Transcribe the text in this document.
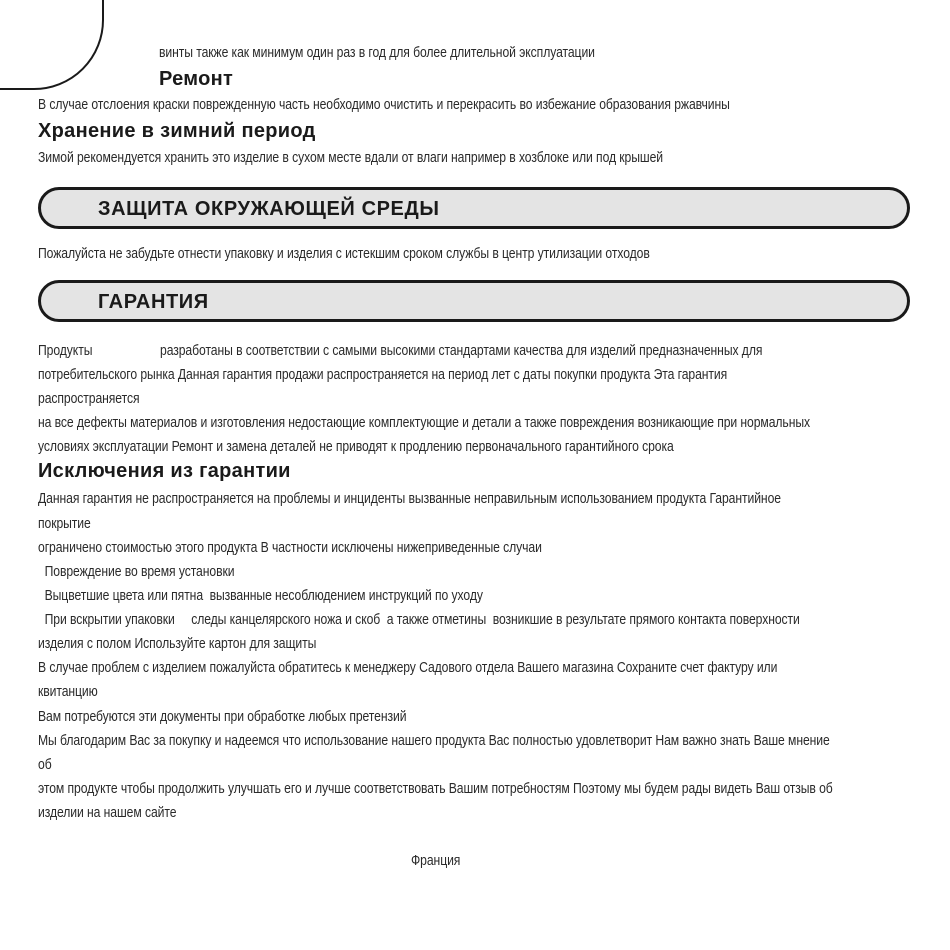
винты также как минимум один раз в год для более длительной эксплуатации
Ремонт
В случае отслоения краски поврежденную часть необходимо очистить и перекрасить во избежание образования ржавчины
Хранение в зимний период
Зимой рекомендуется хранить это изделие в сухом месте вдали от влаги например в хозблоке или под крышей
ЗАЩИТА ОКРУЖАЮЩЕЙ СРЕДЫ
Пожалуйста не забудьте отнести упаковку и изделия с истекшим сроком службы в центр утилизации отходов
ГАРАНТИЯ
Продукты	разработаны в соответствии с самыми высокими стандартами качества для изделий предназначенных для
потребительского рынка Данная гарантия продажи распространяется на период лет с даты покупки продукта Эта гарантия
распространяется
на все дефекты материалов и изготовления недостающие комплектующие и детали а также повреждения возникающие при нормальных
условиях эксплуатации Ремонт и замена деталей не приводят к продлению первоначального гарантийного срока
Исключения из гарантии
Данная гарантия не распространяется на проблемы и инциденты вызванные неправильным использованием продукта Гарантийное
покрытие
ограничено стоимостью этого продукта В частности исключены нижеприведенные случаи
Повреждение во время установки
Выцветшие цвета или пятна  вызванные несоблюдением инструкций по уходу
При вскрытии упаковки     следы канцелярского ножа и скоб  а также отметины  возникшие в результате прямого контакта поверхности
изделия с полом Используйте картон для защиты
В случае проблем с изделием пожалуйста обратитесь к менеджеру Садового отдела Вашего магазина Сохраните счет фактуру или
квитанцию
Вам потребуются эти документы при обработке любых претензий
Мы благодарим Вас за покупку и надеемся что использование нашего продукта Вас полностью удовлетворит Нам важно знать Ваше мнение
об
этом продукте чтобы продолжить улучшать его и лучше соответствовать Вашим потребностям Поэтому мы будем рады видеть Ваш отзыв об
изделии на нашем сайте
Франция
